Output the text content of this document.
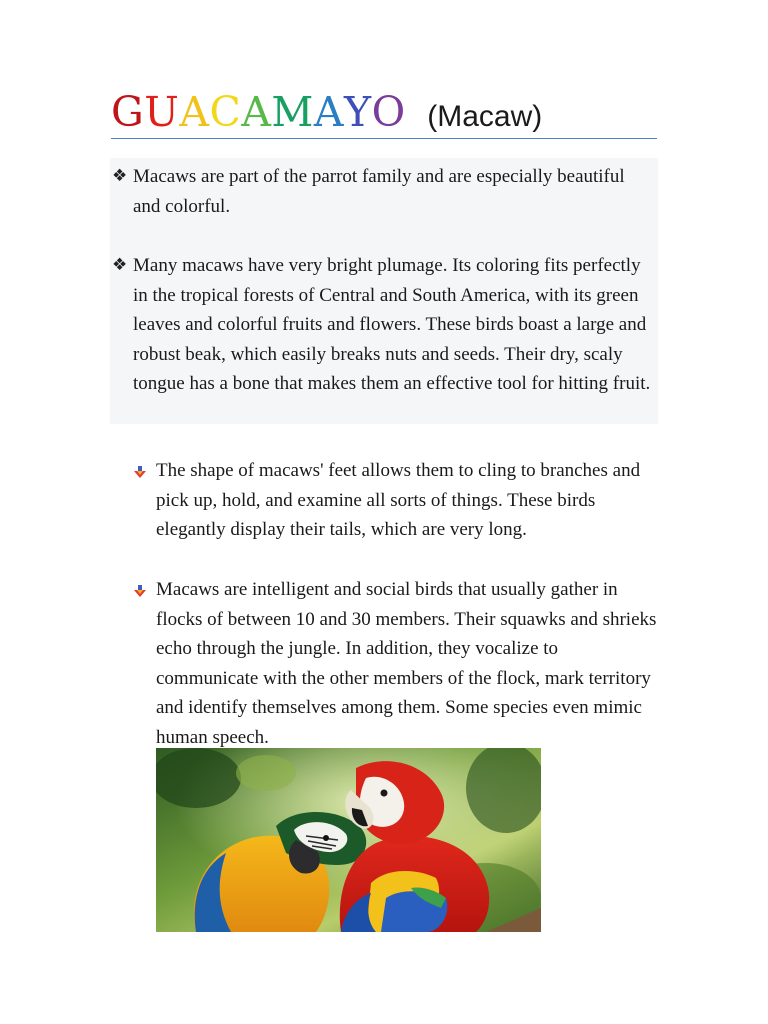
GUACAMAYO (Macaw)
❖ Macaws are part of the parrot family and are especially beautiful and colorful.
❖ Many macaws have very bright plumage. Its coloring fits perfectly in the tropical forests of Central and South America, with its green leaves and colorful fruits and flowers. These birds boast a large and robust beak, which easily breaks nuts and seeds. Their dry, scaly tongue has a bone that makes them an effective tool for hitting fruit.
The shape of macaws' feet allows them to cling to branches and pick up, hold, and examine all sorts of things. These birds elegantly display their tails, which are very long.
Macaws are intelligent and social birds that usually gather in flocks of between 10 and 30 members. Their squawks and shrieks echo through the jungle. In addition, they vocalize to communicate with the other members of the flock, mark territory and identify themselves among them. Some species even mimic human speech.
